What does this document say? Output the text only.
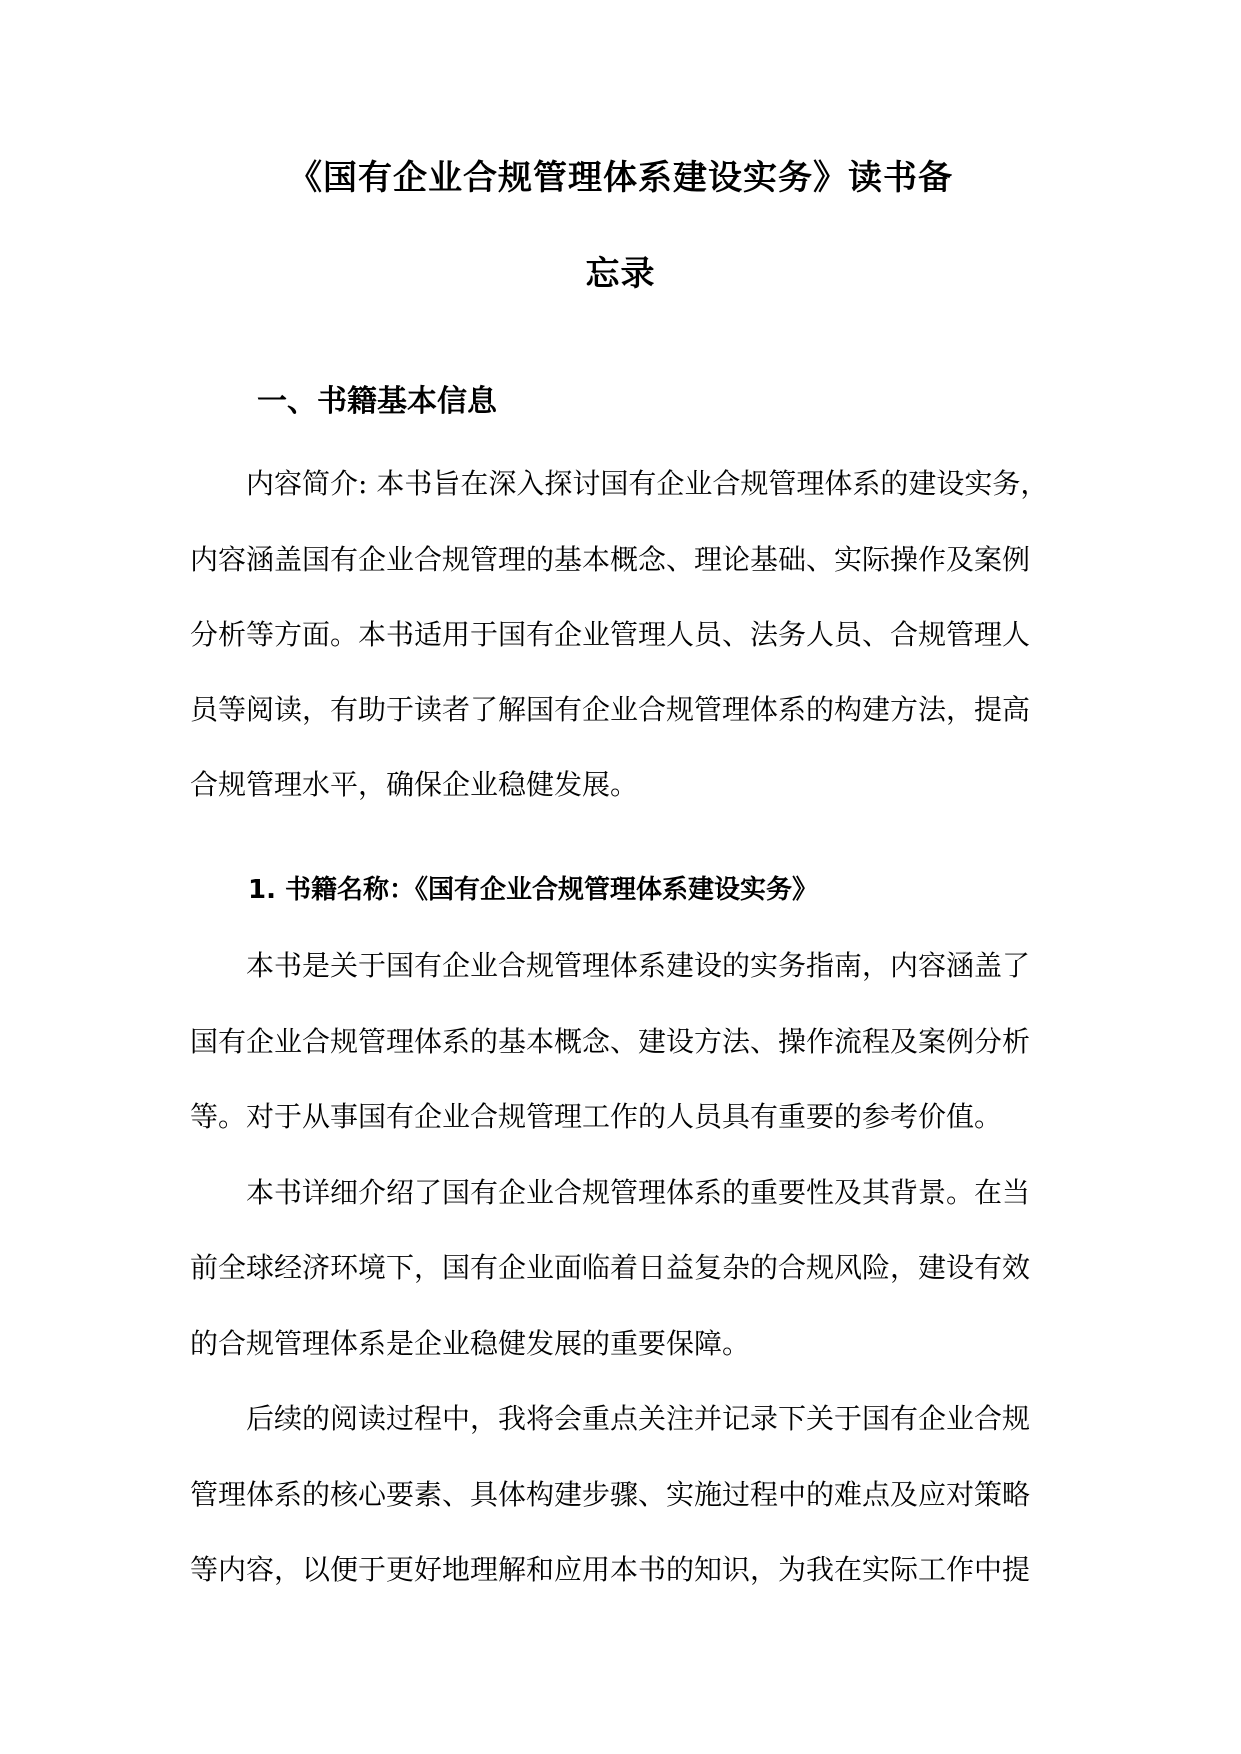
《国有企业合规管理体系建设实务》读书备
忘录
一、书籍基本信息
内容简介: 本书旨在深入探讨国有企业合规管理体系的建设实务，
内容涵盖国有企业合规管理的基本概念、理论基础、实际操作及案例
分析等方面。本书适用于国有企业管理人员、法务人员、合规管理人
员等阅读，有助于读者了解国有企业合规管理体系的构建方法，提高
合规管理水平，确保企业稳健发展。
1. 书籍名称：《国有企业合规管理体系建设实务》
本书是关于国有企业合规管理体系建设的实务指南，内容涵盖了
国有企业合规管理体系的基本概念、建设方法、操作流程及案例分析
等。对于从事国有企业合规管理工作的人员具有重要的参考价值。
本书详细介绍了国有企业合规管理体系的重要性及其背景。在当
前全球经济环境下，国有企业面临着日益复杂的合规风险，建设有效
的合规管理体系是企业稳健发展的重要保障。
后续的阅读过程中，我将会重点关注并记录下关于国有企业合规
管理体系的核心要素、具体构建步骤、实施过程中的难点及应对策略
等内容，以便于更好地理解和应用本书的知识，为我在实际工作中提
